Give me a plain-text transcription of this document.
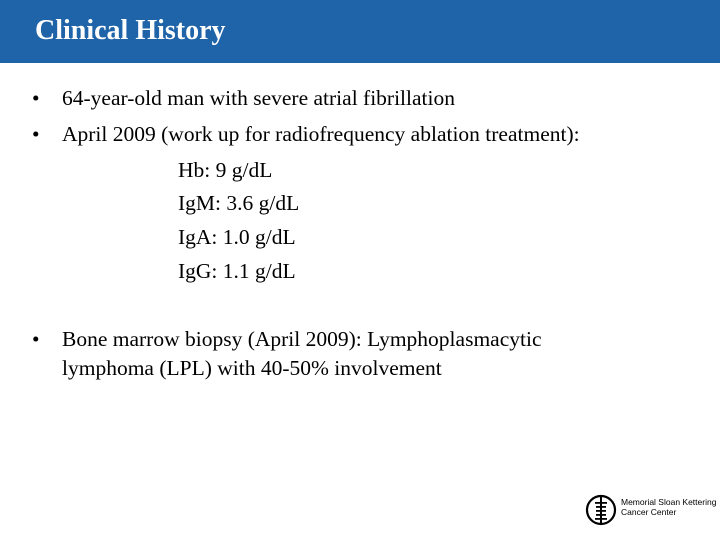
Clinical History
• 64-year-old man with severe atrial fibrillation
• April 2009 (work up for radiofrequency ablation treatment):
Hb: 9 g/dL
IgM: 3.6 g/dL
IgA: 1.0 g/dL
IgG: 1.1 g/dL
• Bone marrow biopsy (April 2009): Lymphoplasmacytic
lymphoma (LPL) with 40-50% involvement
Memorial Sloan Kettering
Cancer Center
